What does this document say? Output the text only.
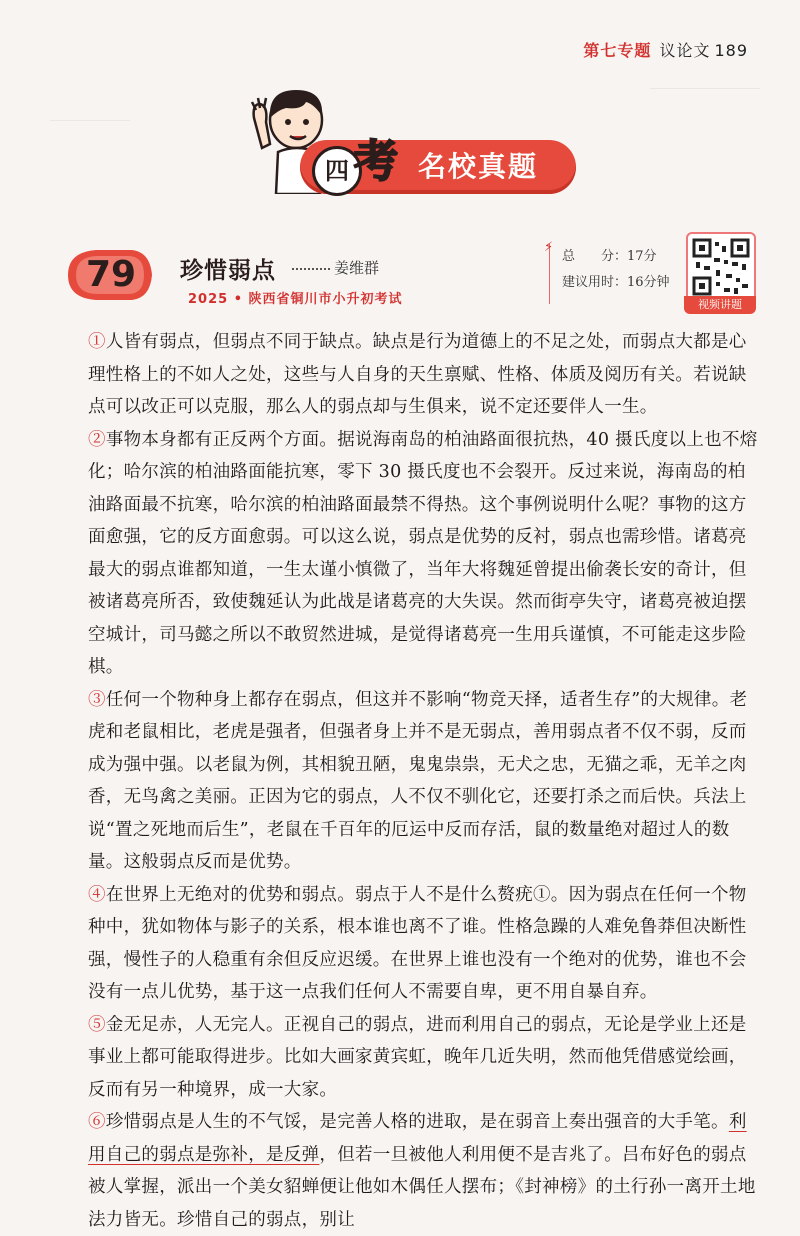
第七专题 议论文 189
四 考 名校真题
79	珍惜弱点	姜维群
2025 • 陕西省铜川市小升初考试
⚡
总　　分：17分
建议用时：16分钟
视频讲题

①人皆有弱点，但弱点不同于缺点。缺点是行为道德上的不足之处，而弱点大都是心理性格上的不如人之处，这些与人自身的天生禀赋、性格、体质及阅历有关。若说缺点可以改正可以克服，那么人的弱点却与生俱来，说不定还要伴人一生。

②事物本身都有正反两个方面。据说海南岛的柏油路面很抗热，40 摄氏度以上也不熔化；哈尔滨的柏油路面能抗寒，零下 30 摄氏度也不会裂开。反过来说，海南岛的柏油路面最不抗寒，哈尔滨的柏油路面最禁不得热。这个事例说明什么呢？事物的这方面愈强，它的反方面愈弱。可以这么说，弱点是优势的反衬，弱点也需珍惜。诸葛亮最大的弱点谁都知道，一生太谨小慎微了，当年大将魏延曾提出偷袭长安的奇计，但被诸葛亮所否，致使魏延认为此战是诸葛亮的大失误。然而街亭失守，诸葛亮被迫摆空城计，司马懿之所以不敢贸然进城，是觉得诸葛亮一生用兵谨慎，不可能走这步险棋。

③任何一个物种身上都存在弱点，但这并不影响“物竞天择，适者生存”的大规律。老虎和老鼠相比，老虎是强者，但强者身上并不是无弱点，善用弱点者不仅不弱，反而成为强中强。以老鼠为例，其相貌丑陋，鬼鬼祟祟，无犬之忠，无猫之乖，无羊之肉香，无鸟禽之美丽。正因为它的弱点，人不仅不驯化它，还要打杀之而后快。兵法上说“置之死地而后生”，老鼠在千百年的厄运中反而存活，鼠的数量绝对超过人的数量。这般弱点反而是优势。

④在世界上无绝对的优势和弱点。弱点于人不是什么赘疣①。因为弱点在任何一个物种中，犹如物体与影子的关系，根本谁也离不了谁。性格急躁的人难免鲁莽但决断性强，慢性子的人稳重有余但反应迟缓。在世界上谁也没有一个绝对的优势，谁也不会没有一点儿优势，基于这一点我们任何人不需要自卑，更不用自暴自弃。

⑤金无足赤，人无完人。正视自己的弱点，进而利用自己的弱点，无论是学业上还是事业上都可能取得进步。比如大画家黄宾虹，晚年几近失明，然而他凭借感觉绘画，反而有另一种境界，成一大家。

⑥珍惜弱点是人生的不气馁，是完善人格的进取，是在弱音上奏出强音的大手笔。利用自己的弱点是弥补，是反弹，但若一旦被他人利用便不是吉兆了。吕布好色的弱点被人掌握，派出一个美女貂蝉便让他如木偶任人摆布；《封神榜》的土行孙一离开土地法力皆无。珍惜自己的弱点，别让
